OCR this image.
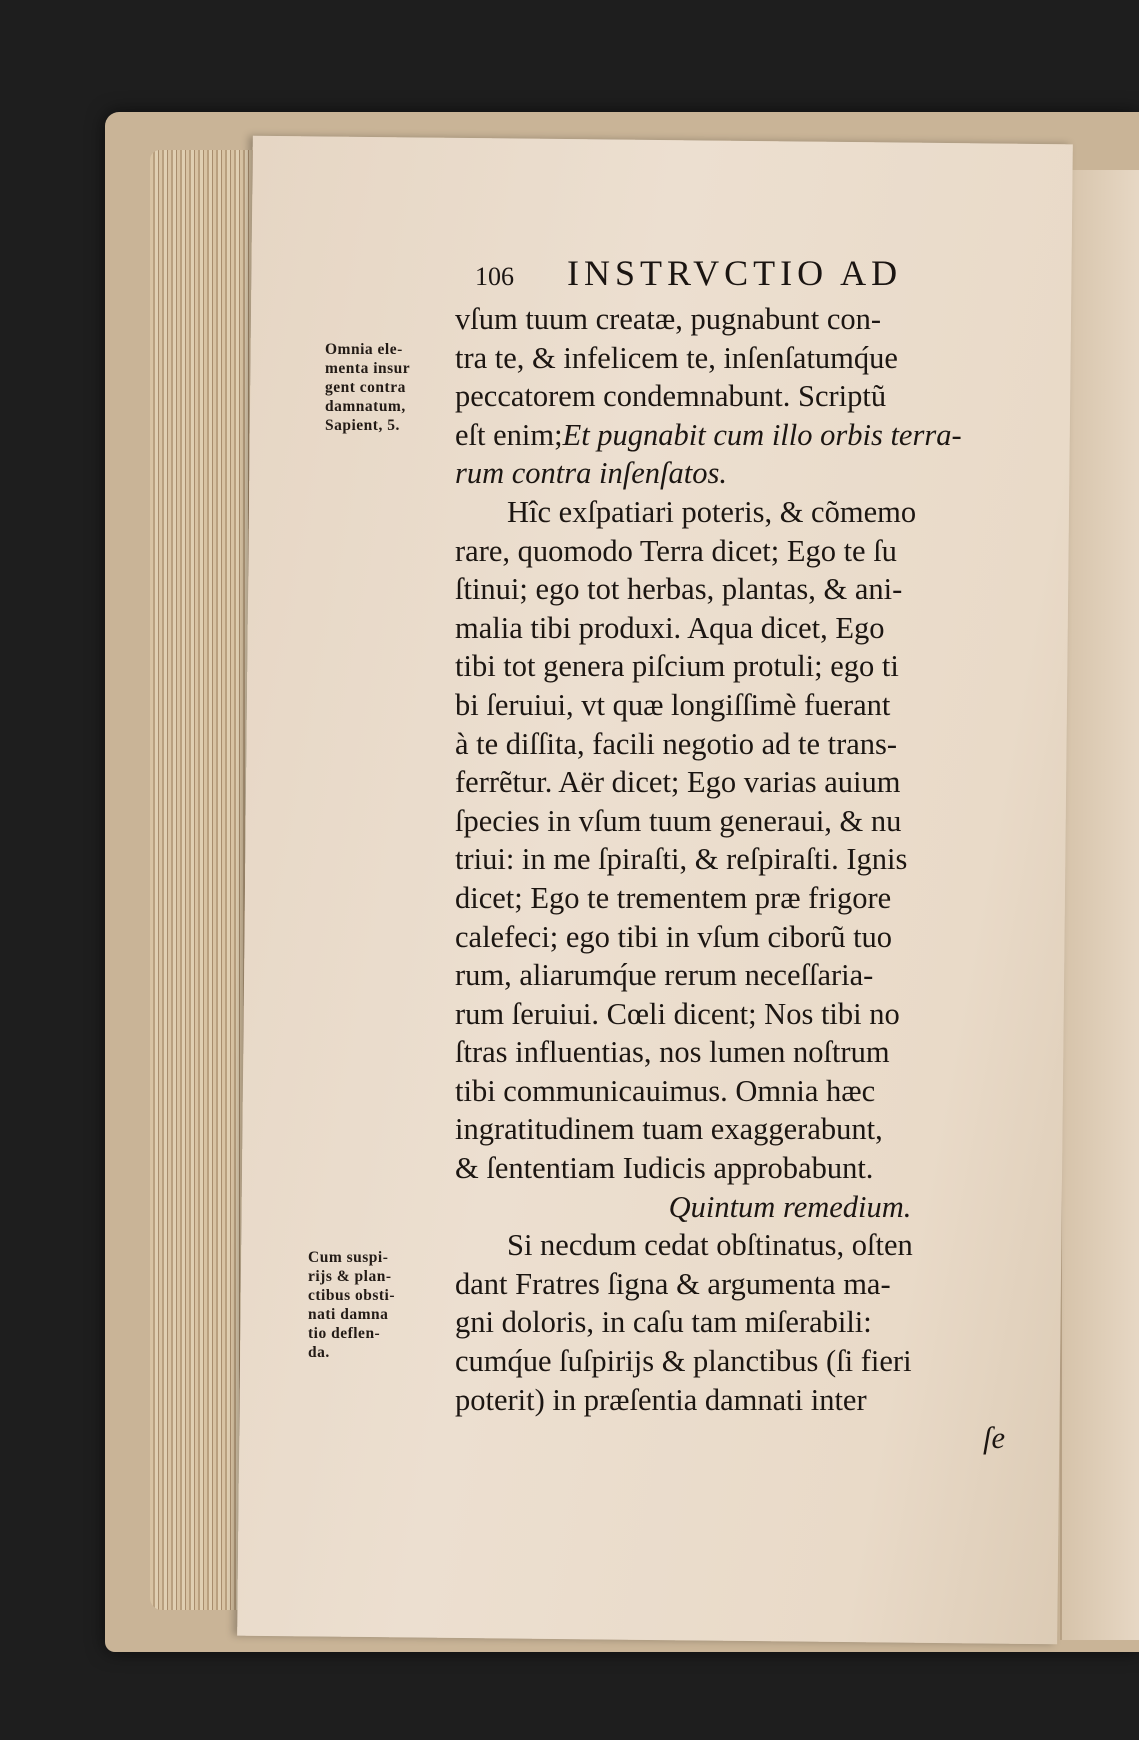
106 INSTRVCTIO AD
Omnia ele-
menta insur
gent contra
damnatum,
Sapient, 5.
Cum suspi-
rijs & plan-
ctibus obsti-
nati damna
tio deflen-
da.
vſum tuum creatæ, pugnabunt con-
tra te, & infelicem te, inſenſatumq́ue
peccatorem condemnabunt. Scriptũ
eſt enim;Et pugnabit cum illo orbis terra-
rum contra inſenſatos.
Hîc exſpatiari poteris, & cõmemo
rare, quomodo Terra dicet; Ego te ſu
ſtinui; ego tot herbas, plantas, & ani-
malia tibi produxi. Aqua dicet, Ego
tibi tot genera piſcium protuli; ego ti
bi ſeruiui, vt quæ longiſſimè fuerant
à te diſſita, facili negotio ad te trans-
ferrẽtur. Aër dicet; Ego varias auium
ſpecies in vſum tuum generaui, & nu
triui: in me ſpiraſti, & reſpiraſti. Ignis
dicet; Ego te trementem præ frigore
calefeci; ego tibi in vſum ciborũ tuo
rum, aliarumq́ue rerum neceſſaria-
rum ſeruiui. Cœli dicent; Nos tibi no
ſtras influentias, nos lumen noſtrum
tibi communicauimus. Omnia hæc
ingratitudinem tuam exaggerabunt,
& ſententiam Iudicis approbabunt.
Quintum remedium.
Si necdum cedat obſtinatus, oſten
dant Fratres ſigna & argumenta ma-
gni doloris, in caſu tam miſerabili:
cumq́ue ſuſpirijs & planctibus (ſi fieri
poterit) in præſentia damnati inter
ſe
